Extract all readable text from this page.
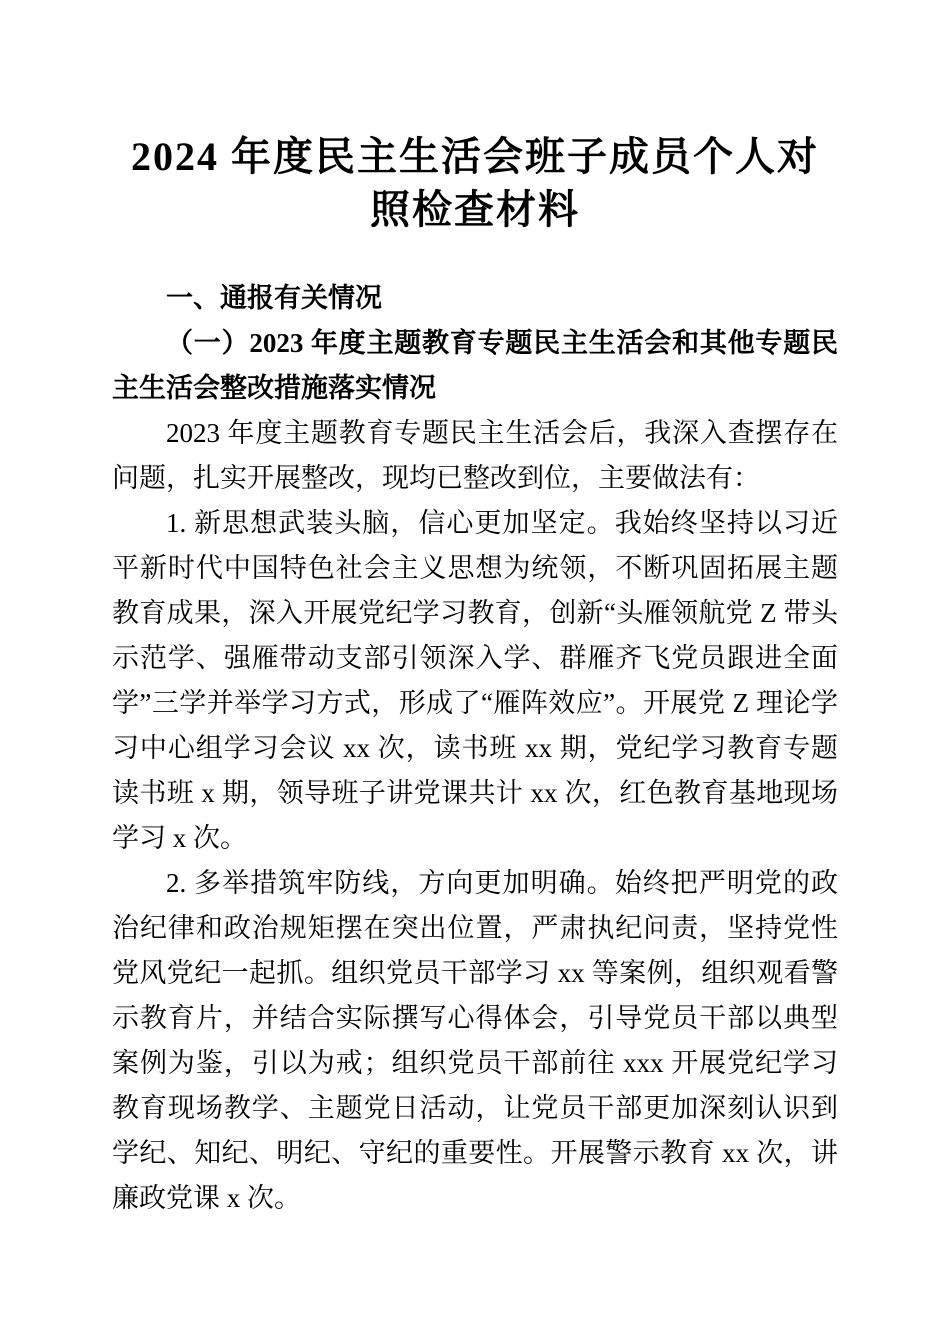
2024 年度民主生活会班子成员个人对照检查材料
一、通报有关情况
（一）2023 年度主题教育专题民主生活会和其他专题民主生活会整改措施落实情况

2023 年度主题教育专题民主生活会后，我深入查摆存在问题，扎实开展整改，现均已整改到位，主要做法有：

1. 新思想武装头脑，信心更加坚定。我始终坚持以习近平新时代中国特色社会主义思想为统领，不断巩固拓展主题教育成果，深入开展党纪学习教育，创新“头雁领航党 Z 带头示范学、强雁带动支部引领深入学、群雁齐飞党员跟进全面学”三学并举学习方式，形成了“雁阵效应”。开展党 Z 理论学习中心组学习会议 xx 次，读书班 xx 期，党纪学习教育专题读书班 x 期，领导班子讲党课共计 xx 次，红色教育基地现场学习 x 次。

2. 多举措筑牢防线，方向更加明确。始终把严明党的政治纪律和政治规矩摆在突出位置，严肃执纪问责，坚持党性党风党纪一起抓。组织党员干部学习 xx 等案例，组织观看警示教育片，并结合实际撰写心得体会，引导党员干部以典型案例为鉴，引以为戒；组织党员干部前往 xxx 开展党纪学习教育现场教学、主题党日活动，让党员干部更加深刻认识到学纪、知纪、明纪、守纪的重要性。开展警示教育 xx 次，讲廉政党课 x 次。
